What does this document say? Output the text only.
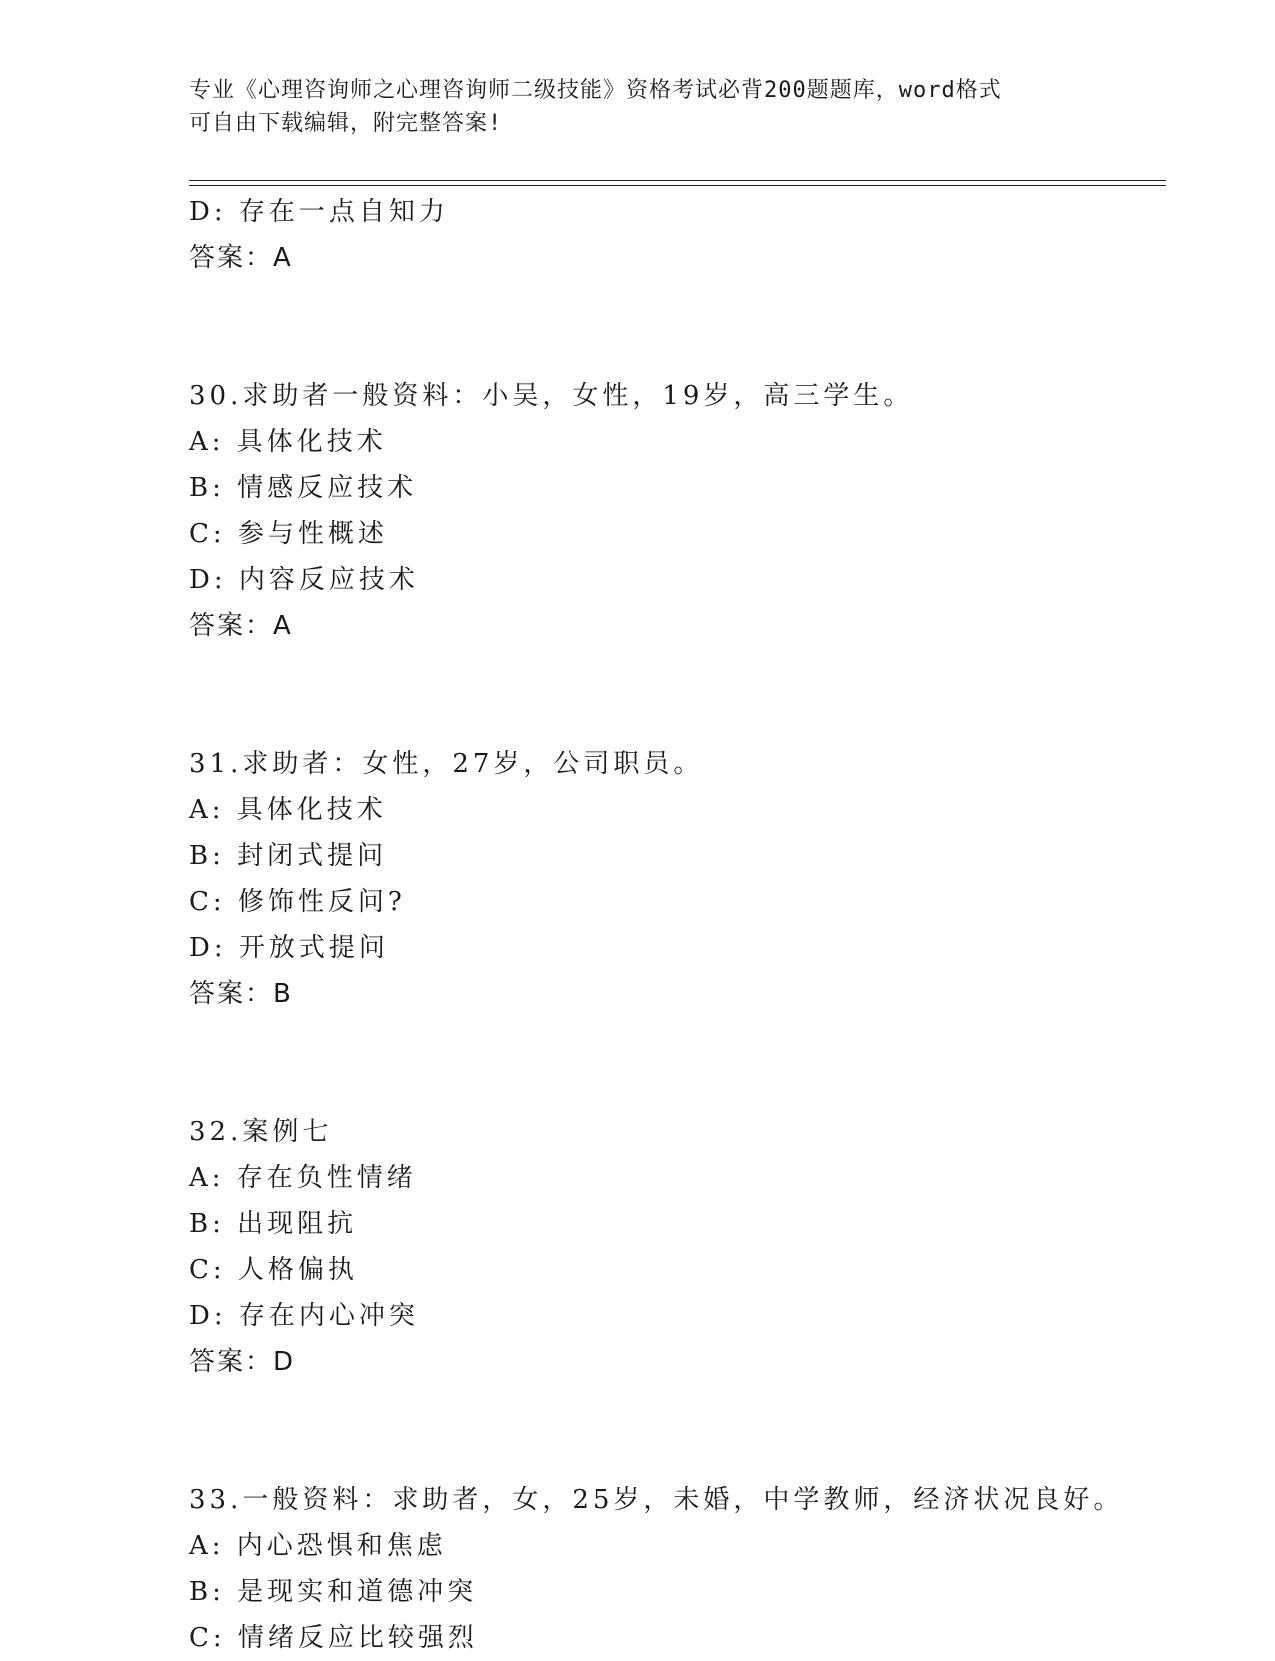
专业《心理咨询师之心理咨询师二级技能》资格考试必背200题题库，word格式
可自由下载编辑，附完整答案!
D: 存在一点自知力
答案：A
30.求助者一般资料：小吴，女性，19岁，高三学生。
A: 具体化技术
B: 情感反应技术
C: 参与性概述
D: 内容反应技术
答案：A
31.求助者：女性，27岁，公司职员。
A: 具体化技术
B: 封闭式提问
C: 修饰性反问?
D: 开放式提问
答案：B
32.案例七
A: 存在负性情绪
B: 出现阻抗
C: 人格偏执
D: 存在内心冲突
答案：D
33.一般资料：求助者，女，25岁，未婚，中学教师，经济状况良好。
A: 内心恐惧和焦虑
B: 是现实和道德冲突
C: 情绪反应比较强烈
